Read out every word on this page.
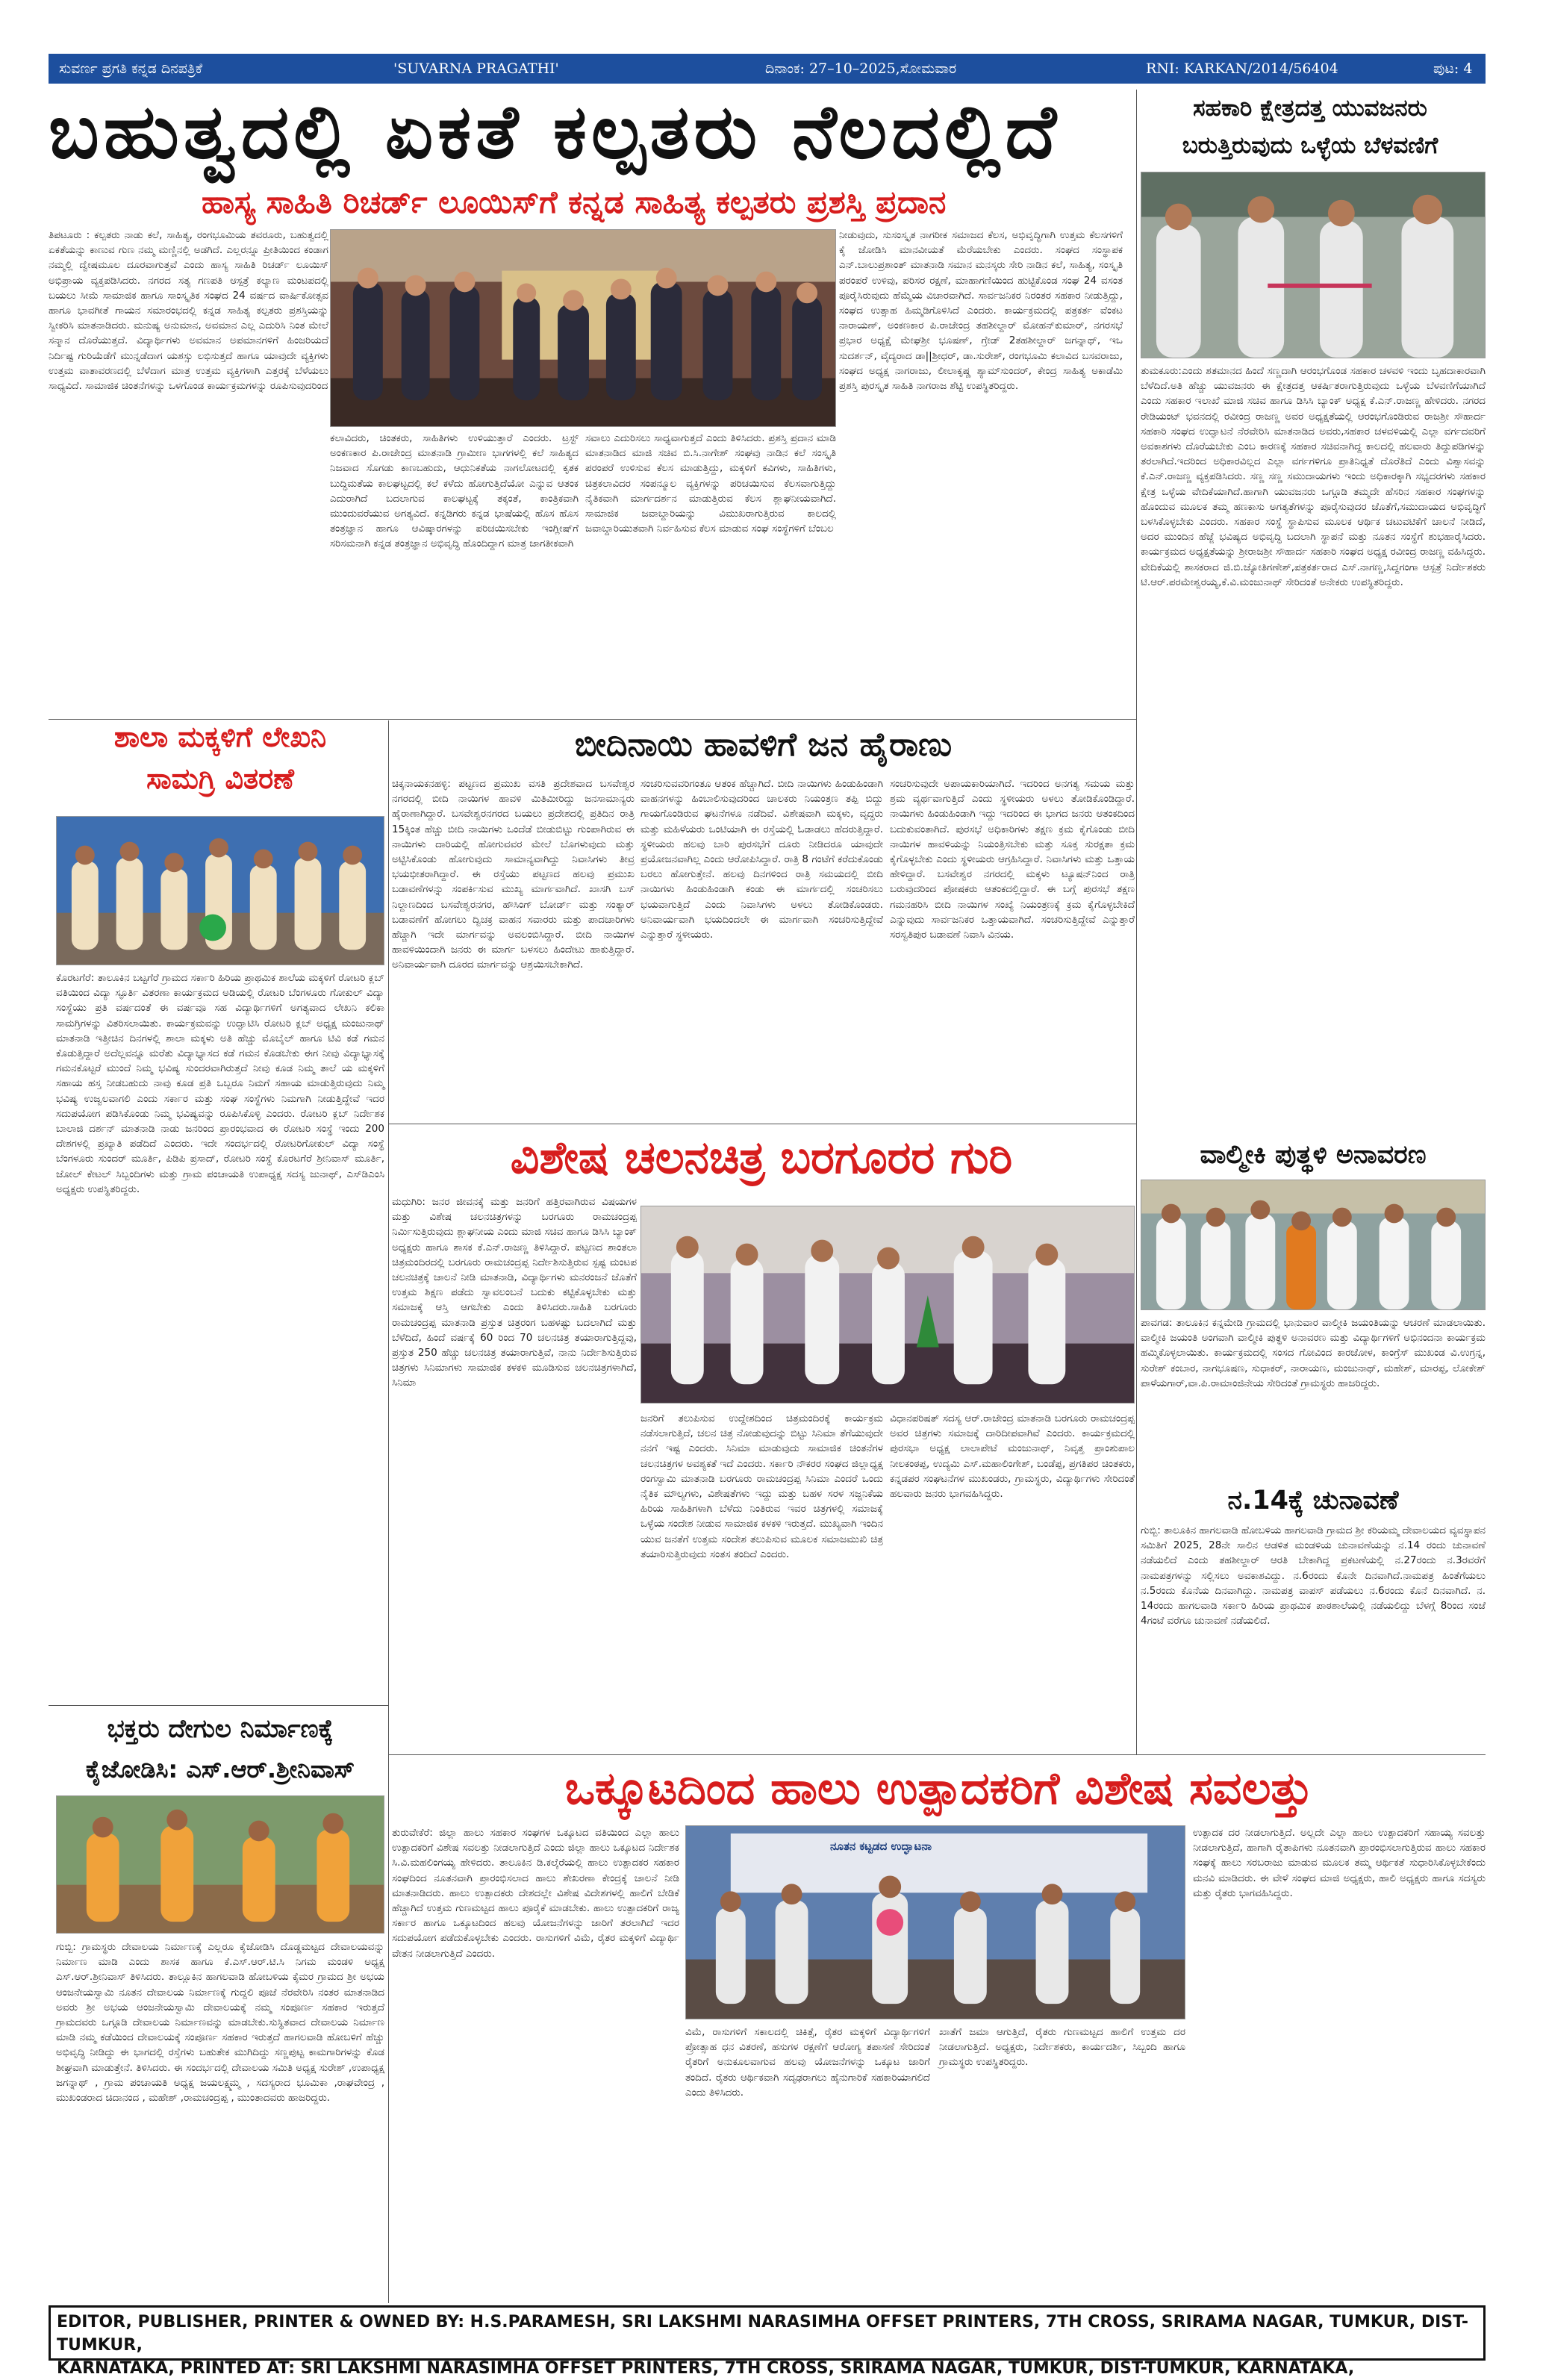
ಸುವರ್ಣ ಪ್ರಗತಿ ಕನ್ನಡ ದಿನಪತ್ರಿಕೆ	'SUVARNA PRAGATHI'	ದಿನಾಂಕ: 27–10–2025,ಸೋಮವಾರ	RNI: KARKAN/2014/56404	ಪುಟ: 4
ಬಹುತ್ವದಲ್ಲಿ ಏಕತೆ ಕಲ್ಪತರು ನೆಲದಲ್ಲಿದೆ
ಹಾಸ್ಯ ಸಾಹಿತಿ ರಿಚರ್ಡ್ ಲೂಯಿಸ್‌ಗೆ ಕನ್ನಡ ಸಾಹಿತ್ಯ ಕಲ್ಪತರು ಪ್ರಶಸ್ತಿ ಪ್ರದಾನ
ತಿಪಟೂರು : ಕಲ್ಪತರು ನಾಡು ಕಲೆ, ಸಾಹಿತ್ಯ, ರಂಗಭೂಮಿಯ ತವರೂರು, ಬಹುತ್ವದಲ್ಲಿ ಏಕತೆಯನ್ನು ಕಾಣುವ ಗುಣ ನಮ್ಮ ಮಣ್ಣಿನಲ್ಲಿ ಅಡಗಿದೆ. ಎಲ್ಲರನ್ನೂ ಪ್ರೀತಿಯಿಂದ ಕಂಡಾಗ ನಮ್ಮಲ್ಲಿ ದ್ವೇಷಮೂಲ ದೂರವಾಗುತ್ತವೆ ಎಂದು ಹಾಸ್ಯ ಸಾಹಿತಿ ರಿಚರ್ಡ್ ಲೂಯಿಸ್ ಅಭಿಪ್ರಾಯ ವ್ಯಕ್ತಪಡಿಸಿದರು. ನಗರದ ಸತ್ಯ ಗಣಪತಿ ಆಸ್ಪತ್ರೆ ಕಲ್ಯಾಣ ಮಂಟಪದಲ್ಲಿ ಬಯಲು ಸೀಮೆ ಸಾಮಾಜಿಕ ಹಾಗೂ ಸಾಂಸ್ಕೃತಿಕ ಸಂಘದ 24 ವರ್ಷದ ವಾರ್ಷಿಕೋತ್ಸವ ಹಾಗೂ ಭಾವಗೀತೆ ಗಾಯನ ಸಮಾರಂಭದಲ್ಲಿ ಕನ್ನಡ ಸಾಹಿತ್ಯ ಕಲ್ಪತರು ಪ್ರಶಸ್ತಿಯನ್ನು ಸ್ವೀಕರಿಸಿ ಮಾತನಾಡಿದರು. ಮನುಷ್ಯ ಅನುಮಾನ, ಅವಮಾನ ಎಲ್ಲ ಎದುರಿಸಿ ನಿಂತ ಮೇಲೆ ಸನ್ಮಾನ ದೊರೆಯುತ್ತದೆ. ವಿದ್ಯಾರ್ಥಿಗಳು ಅವಮಾನ ಅಪಮಾನಗಳಿಗೆ ಹಿಂಜರಿಯದೆ ನಿರ್ದಿಷ್ಟ ಗುರಿಯೆಡೆಗೆ ಮುನ್ನಡೆದಾಗ ಯಶಸ್ಸು ಲಭಿಸುತ್ತದೆ ಹಾಗೂ ಯಾವುದೇ ವ್ಯಕ್ತಿಗಳು ಉತ್ತಮ ವಾತಾವರಣದಲ್ಲಿ ಬೆಳೆದಾಗ ಮಾತ್ರ ಉತ್ತಮ ವ್ಯಕ್ತಿಗಳಾಗಿ ಎತ್ತರಕ್ಕೆ ಬೆಳೆಯಲು ಸಾಧ್ಯವಿದೆ. ಸಾಮಾಜಿಕ ಚಿಂತನೆಗಳನ್ನು ಒಳಗೊಂಡ ಕಾರ್ಯಕ್ರಮಗಳನ್ನು ರೂಪಿಸುವುದರಿಂದ
ಕಲಾವಿದರು, ಚಿಂತಕರು, ಸಾಹಿತಿಗಳು ಉಳಿಯುತ್ತಾರೆ ಎಂದರು. ಟ್ರಸ್ಟ್ ಅಂಕಣಕಾರ ಪಿ.ರಾಜೇಂದ್ರ ಮಾತನಾಡಿ ಗ್ರಾಮೀಣ ಭಾಗಗಳಲ್ಲಿ ಕಲೆ ಸಾಹಿತ್ಯದ ನಿಜವಾದ ಸೊಗಡು ಕಾಣಬಹುದು, ಆಧುನಿಕತೆಯ ನಾಗಲೋಟದಲ್ಲಿ ಕೃತಕ ಬುದ್ಧಿಮತೆಯ ಕಾಲಘಟ್ಟದಲ್ಲಿ ಕಲೆ ಕಳೆದು ಹೋಗುತ್ತಿದೆಯೋ ಎನ್ನುವ ಆತಂಕ ಎದುರಾಗಿದೆ ಬದಲಾಗುವ ಕಾಲಘಟ್ಟಕ್ಕೆ ತಕ್ಕಂತೆ, ಕಾಂತ್ರಿಕವಾಗಿ ಮುಂದುವರೆಯುವ ಅಗತ್ಯವಿದೆ. ಕನ್ನಡಿಗರು ಕನ್ನಡ ಭಾಷೆಯಲ್ಲಿ ಹೊಸ ಹೊಸ ತಂತ್ರಜ್ಞಾನ ಹಾಗೂ ಆವಿಷ್ಕಾರಗಳನ್ನು ಪರಿಚಯಿಸಬೇಕು ಇಂಗ್ಲೀಷ್‌ಗೆ ಸರಿಸಮನಾಗಿ ಕನ್ನಡ ತಂತ್ರಜ್ಞಾನ ಅಭಿವೃದ್ಧಿ ಹೊಂದಿದ್ದಾಗ ಮಾತ್ರ ಜಾಗತೀಕವಾಗಿ
ಸವಾಲು ಎದುರಿಸಲು ಸಾಧ್ಯವಾಗುತ್ತದೆ ಎಂದು ತಿಳಿಸಿದರು. ಪ್ರಶಸ್ತಿ ಪ್ರದಾನ ಮಾಡಿ ಮಾತನಾಡಿದ ಮಾಜಿ ಸಚಿವ ಬಿ.ಸಿ.ನಾಗೇಶ್ ಸಂಘವು ನಾಡಿನ ಕಲೆ ಸಂಸ್ಕೃತಿ ಪರಂಪರೆ ಉಳಿಸುವ ಕೆಲಸ ಮಾಡುತ್ತಿದ್ದು, ಮಕ್ಕಳಿಗೆ ಕವಿಗಳು, ಸಾಹಿತಿಗಳು, ಚಿತ್ರಕಲಾವಿದರ ಸಂಪನ್ಮೂಲ ವ್ಯಕ್ತಿಗಳನ್ನು ಪರಿಚಯಿಸುವ ಕೆಲಸವಾಗುತ್ತಿದ್ದು ನೈತಿಕವಾಗಿ ಮಾರ್ಗದರ್ಶನ ಮಾಡುತ್ತಿರುವ ಕೆಲಸ ಶ್ಲಾಘನೀಯವಾಗಿದೆ. ಸಾಮಾಜಿಕ ಜವಾಬ್ದಾರಿಯನ್ನು ವಿಮುಖರಾಗುತ್ತಿರುವ ಕಾಲದಲ್ಲಿ ಜವಾಬ್ದಾರಿಯುತವಾಗಿ ನಿರ್ವಹಿಸುವ ಕೆಲಸ ಮಾಡುವ ಸಂಘ ಸಂಸ್ಥೆಗಳಿಗೆ ಬೆಂಬಲ
ನೀಡುವುದು, ಸುಸಂಸ್ಕೃತ ನಾಗರೀಕ ಸಮಾಜದ ಕೆಲಸ, ಅಭಿವೃದ್ಧಿಗಾಗಿ ಉತ್ತಮ ಕೆಲಸಗಳಿಗೆ ಕೈ ಜೋಡಿಸಿ ಮಾನವೀಯತೆ ಮೆರೆಯಬೇಕು ಎಂದರು. ಸಂಘದ ಸಂಸ್ಥಾಪಕ ಎನ್.ಬಾಲುಪ್ರಶಾಂತ್ ಮಾತನಾಡಿ ಸಮಾನ ಮನಸ್ಕರು ಸೇರಿ ನಾಡಿನ ಕಲೆ, ಸಾಹಿತ್ಯ, ಸಂಸ್ಕೃತಿ ಪರಂಪರೆ ಉಳಿವು, ಪರಿಸರ ರಕ್ಷಣೆ, ಮಾಹಾಗಣಿಯಿಂದ ಹುಟ್ಟಿಕೊಂಡ ಸಂಘ 24 ವಸಂತ ಪೂರೈಸಿರುವುದು ಹೆಮ್ಮೆಯ ವಿಚಾರವಾಗಿದೆ. ಸಾರ್ವಜನಿಕರ ನಿರಂತರ ಸಹಕಾರ ನೀಡುತ್ತಿದ್ದು, ಸಂಘದ ಉತ್ಸಾಹ ಹಿಮ್ಮಡಿಗೊಳಿಸಿದೆ ಎಂದರು. ಕಾರ್ಯಕ್ರಮದಲ್ಲಿ ಪತ್ರಕರ್ತ ವೆಂಕಟ ನಾರಾಯಣ್, ಅಂಕಣಕಾರ ಪಿ.ರಾಜೇಂದ್ರ ತಹಶೀಲ್ದಾರ್ ಮೋಹನ್‌ಕುಮಾರ್, ನಗರಸಭೆ ಪ್ರಭಾರ ಅಧ್ಯಕ್ಷೆ ಮೇಘಶ್ರೀ ಭೂಷಣ್, ಗ್ರೇಡ್ 2ತಹಶೀಲ್ದಾರ್ ಜಗನ್ನಾಥ್, ಇಒ ಸುದರ್ಶನ್, ವೈದ್ಯರಾದ ಡಾ||ಶ್ರೀಧರ್, ಡಾ.ಸುರೇಶ್, ರಂಗಭೂಮಿ ಕಲಾವಿದ ಬಸವರಾಜು, ಸಂಘದ ಅಧ್ಯಕ್ಷ ನಾಗರಾಜು, ಲೀಲಾಕೃಷ್ಣ ಶ್ಯಾಮ್‌ಸುಂದರ್, ಕೇಂದ್ರ ಸಾಹಿತ್ಯ ಅಕಾಡೆಮಿ ಪ್ರಶಸ್ತಿ ಪುರಸ್ಕೃತ ಸಾಹಿತಿ ನಾಗರಾಜ ಶೆಟ್ಟಿ ಉಪಸ್ಥಿತರಿದ್ದರು.
ಸಹಕಾರಿ ಕ್ಷೇತ್ರದತ್ತ ಯುವಜನರು ಬರುತ್ತಿರುವುದು ಒಳ್ಳೆಯ ಬೆಳವಣಿಗೆ
ತುಮಕೂರು:ಎಂದು ಶತಮಾನದ ಹಿಂದೆ ಸಣ್ಣದಾಗಿ ಆರಂಭಗೊಂಡ ಸಹಕಾರ ಚಳವಳಿ ಇಂದು ಬೃಹದಾಕಾರವಾಗಿ ಬೆಳೆದಿದೆ.ಅತಿ ಹೆಚ್ಚು ಯುವಜನರು ಈ ಕ್ಷೇತ್ರದತ್ತ ಆಕರ್ಷಿತರಾಗುತ್ತಿರುವುದು ಒಳ್ಳೆಯ ಬೆಳವಣಿಗೆಯಾಗಿದೆ ಎಂದು ಸಹಕಾರ ಇಲಾಖೆ ಮಾಜಿ ಸಚಿವ ಹಾಗೂ ಡಿಸಿಸಿ ಬ್ಯಾಂಕ್ ಅಧ್ಯಕ್ಷ ಕೆ.ಎನ್.ರಾಜಣ್ಣ ಹೇಳಿದರು. ನಗರದ ರೇಡಿಯಂಟ್ ಭವನದಲ್ಲಿ ರವೀಂದ್ರ ರಾಜಣ್ಣ ಅವರ ಅಧ್ಯಕ್ಷತೆಯಲ್ಲಿ ಆರಂಭಗೊಂಡಿರುವ ರಾಜಶ್ರೀ ಸೌಹಾರ್ದ ಸಹಕಾರಿ ಸಂಘದ ಉದ್ಘಾಟನೆ ನೆರವೇರಿಸಿ ಮಾತನಾಡಿದ ಅವರು,ಸಹಕಾರ ಚಳವಳಿಯಲ್ಲಿ ಎಲ್ಲಾ ವರ್ಗದವರಿಗೆ ಅವಕಾಶಗಳು ದೊರೆಯಬೇಕು ಎಂಬ ಕಾರಣಕ್ಕೆ ಸಹಕಾರ ಸಚಿವನಾಗಿದ್ದ ಕಾಲದಲ್ಲಿ ಹಲವಾರು ತಿದ್ದುಪಡಿಗಳನ್ನು ತರಲಾಗಿದೆ.ಇದರಿಂದ ಅಧಿಕಾರವಿಲ್ಲದ ಎಲ್ಲಾ ವರ್ಗಗಳಿಗೂ ಪ್ರಾತಿನಿಧ್ಯತೆ ದೊರೆತಿದೆ ಎಂದು ವಿಶ್ವಾಸವನ್ನು ಕೆ.ಎನ್.ರಾಜಣ್ಣ ವ್ಯಕ್ತಪಡಿಸಿದರು. ಸಣ್ಣ ಸಣ್ಣ ಸಮುದಾಯಗಳು ಇಂದು ಅಧಿಕಾರಕ್ಕಾಗಿ ಸಭ್ಯದರಗಳು ಸಹಕಾರ ಕ್ಷೇತ್ರ ಒಳ್ಳೆಯ ವೇದಿಕೆಯಾಗಿದೆ.ಹಾಗಾಗಿ ಯುವಜನರು ಒಗ್ಗೂಡಿ ತಮ್ಮದೇ ಹೆಸರಿನ ಸಹಕಾರ ಸಂಘಗಳನ್ನು ಹೊಂದುವ ಮೂಲಕ ತಮ್ಮ ಹಣಕಾಸು ಅಗತ್ಯತೆಗಳನ್ನು ಪೂರೈಸುವುದರ ಜೊತೆಗೆ,ಸಮುದಾಯದ ಅಭಿವೃದ್ಧಿಗೆ ಬಳಸಿಕೊಳ್ಳಬೇಕು ಎಂದರು. ಸಹಕಾರ ಸಂಸ್ಥೆ ಸ್ಥಾಪಿಸುವ ಮೂಲಕ ಆರ್ಥಿಕ ಚಟುವಟಿಕೆಗೆ ಚಾಲನೆ ನೀಡಿದೆ, ಅದರ ಮುಂದಿನ ಹೆಜ್ಜೆ ಭವಿಷ್ಯದ ಅಭಿವೃದ್ಧಿ ಬದಲಾಗಿ ಸ್ಥಾಪನೆ ಮತ್ತು ನೂತನ ಸಂಸ್ಥೆಗೆ ಶುಭಹಾರೈಸಿದರು. ಕಾರ್ಯಕ್ರಮದ ಅಧ್ಯಕ್ಷತೆಯನ್ನು ಶ್ರೀರಾಜಶ್ರೀ ಸೌಹಾರ್ದ ಸಹಕಾರಿ ಸಂಘದ ಅಧ್ಯಕ್ಷ ರವೀಂದ್ರ ರಾಜಣ್ಣ ವಹಿಸಿದ್ದರು. ವೇದಿಕೆಯಲ್ಲಿ ಶಾಸಕರಾದ ಜಿ.ಬಿ.ಜ್ಯೋತಿಗಣೇಶ್,ಪತ್ರಕರ್ತರಾದ ಎಸ್.ನಾಗಣ್ಣ,ಸಿದ್ದಗಂಗಾ ಆಸ್ಪತ್ರೆ ನಿರ್ದೇಶಕರು ಟಿ.ಆರ್.ಪರಮೇಶ್ವರಯ್ಯ,ಕೆ.ವಿ.ಮಂಜುನಾಥ್ ಸೇರಿದಂತೆ ಅನೇಕರು ಉಪಸ್ಥಿತರಿದ್ದರು.
ಶಾಲಾ ಮಕ್ಕಳಿಗೆ ಲೇಖನಿ
ಸಾಮಗ್ರಿ ವಿತರಣೆ
ಕೊರಟಗೆರೆ: ತಾಲೂಕಿನ ಬಟ್ಟಗೆರೆ ಗ್ರಾಮದ ಸರ್ಕಾರಿ ಹಿರಿಯ ಪ್ರಾಥಮಿಕ ಶಾಲೆಯ ಮಕ್ಕಳಿಗೆ ರೋಟರಿ ಕ್ಲಬ್ ವತಿಯಿಂದ ವಿದ್ಯಾ ಸ್ಫೂರ್ತಿ ವಿತರಣಾ ಕಾರ್ಯಕ್ರಮದ ಅಡಿಯಲ್ಲಿ ರೋಟರಿ ಬೆಂಗಳೂರು ಗೋಕುಲ್ ವಿದ್ಯಾ ಸಂಸ್ಥೆಯು ಪ್ರತಿ ವರ್ಷದಂತೆ ಈ ವರ್ಷವೂ ಸಹ ವಿದ್ಯಾರ್ಥಿಗಳಿಗೆ ಅಗತ್ಯವಾದ ಲೇಖನಿ ಕಲಿಕಾ ಸಾಮಗ್ರಿಗಳನ್ನು ವಿತರಿಸಲಾಯಿತು. ಕಾರ್ಯಕ್ರಮವನ್ನು ಉದ್ಘಾಟಿಸಿ ರೋಟರಿ ಕ್ಲಬ್ ಅಧ್ಯಕ್ಷ ಮಂಜುನಾಥ್ ಮಾತನಾಡಿ ಇತ್ತೀಚಿನ ದಿನಗಳಲ್ಲಿ ಶಾಲಾ ಮಕ್ಕಳು ಅತಿ ಹೆಚ್ಚು ಮೊಬೈಲ್ ಹಾಗೂ ಟಿವಿ ಕಡೆ ಗಮನ ಕೊಡುತ್ತಿದ್ದಾರೆ ಅದೆಲ್ಲವನ್ನೂ ಮರೆತು ವಿದ್ಯಾಭ್ಯಾಸದ ಕಡೆ ಗಮನ ಕೊಡಬೇಕು ಈಗ ನೀವು ವಿದ್ಯಾಭ್ಯಾಸಕ್ಕೆ ಗಮನಕೊಟ್ಟರೆ ಮುಂದೆ ನಿಮ್ಮ ಭವಿಷ್ಯ ಸುಂದರವಾಗಿರುತ್ತದೆ ನೀವು ಕೂಡ ನಿಮ್ಮ ತಾಲೆ ಯ ಮಕ್ಕಳಿಗೆ ಸಹಾಯ ಹಸ್ತ ನೀಡಬಹುದು ನಾವು ಕೂಡ ಪ್ರತಿ ಒಬ್ಬರೂ ನಿಮಗೆ ಸಹಾಯ ಮಾಡುತ್ತಿರುವುದು ನಿಮ್ಮ ಭವಿಷ್ಯ ಉಜ್ವಲವಾಗಲಿ ಎಂದು ಸರ್ಕಾರ ಮತ್ತು ಸಂಘ ಸಂಸ್ಥೆಗಳು ನಿಮಗಾಗಿ ನೀಡುತ್ತಿದ್ದೇವೆ ಇದರ ಸದುಪಯೋಗ ಪಡಿಸಿಕೊಂಡು ನಿಮ್ಮ ಭವಿಷ್ಯವನ್ನು ರೂಪಿಸಿಕೊಳ್ಳಿ ಎಂದರು. ರೋಟರಿ ಕ್ಲಬ್ ನಿರ್ದೇಶಕ ಬಾಲಾಜಿ ದರ್ಶನ್ ಮಾತನಾಡಿ ನಾಡು ಜನರಿಂದ ಪ್ರಾರಂಭವಾದ ಈ ರೋಟರಿ ಸಂಸ್ಥೆ ಇಂದು 200 ದೇಶಗಳಲ್ಲಿ ಪ್ರಖ್ಯಾತಿ ಪಡೆದಿದೆ ಎಂದರು. ಇದೇ ಸಂದರ್ಭದಲ್ಲಿ ರೋಟರಿಗೋಕುಲ್ ವಿದ್ಯಾ ಸಂಸ್ಥೆ ಬೆಂಗಳೂರು ಸುಂದರ್ ಮೂರ್ತಿ, ಪಿಡಿಪಿ ಪ್ರಸಾದ್, ರೋಟರಿ ಸಂಸ್ಥೆ ಕೊರಟಗೆರೆ ಶ್ರೀನಿವಾಸ್ ಮೂರ್ತಿ, ಜೋಲ್ ಕೇಟಲ್ ಸಿಬ್ಬಂದಿಗಳು ಮತ್ತು ಗ್ರಾಮ ಪಂಚಾಯತಿ ಉಪಾಧ್ಯಕ್ಷ ಸದಸ್ಯ ಜುನಾಥ್, ಎಸ್‌ಡಿಎಂಸಿ ಅಧ್ಯಕ್ಷರು ಉಪಸ್ಥಿತರಿದ್ದರು.
ಬೀದಿನಾಯಿ ಹಾವಳಿಗೆ ಜನ ಹೈರಾಣು
ಚಿಕ್ಕನಾಯಕನಹಳ್ಳಿ: ಪಟ್ಟಣದ ಪ್ರಮುಖ ವಸತಿ ಪ್ರದೇಶವಾದ ಬಸವೇಶ್ವರ ನಗರದಲ್ಲಿ ಬೀದಿ ನಾಯಿಗಳ ಹಾವಳಿ ಮಿತಿಮೀರಿದ್ದು ಜನಸಾಮಾನ್ಯರು ಹೈರಾಣಾಗಿದ್ದಾರೆ. ಬಸವೇಶ್ವರನಗರದ ಬಯಲು ಪ್ರದೇಶದಲ್ಲಿ ಪ್ರತಿದಿನ ರಾತ್ರಿ 15ಕ್ಕಿಂತ ಹೆಚ್ಚು ಬೀದಿ ನಾಯಿಗಳು ಒಂದೆಡೆ ಬೀಡುಬಿಟ್ಟು ಗುಂಪಾಗಿರುವ ಈ ನಾಯಿಗಳು ದಾರಿಯಲ್ಲಿ ಹೋಗುವವರ ಮೇಲೆ ಬೊಗಳುವುದು ಮತ್ತು ಅಟ್ಟಿಸಿಕೊಂಡು ಹೋಗುವುದು ಸಾಮಾನ್ಯವಾಗಿದ್ದು ನಿವಾಸಿಗಳು ತೀವ್ರ ಭಯಭೀತರಾಗಿದ್ದಾರೆ. ಈ ರಸ್ತೆಯು ಪಟ್ಟಣದ ಹಲವು ಪ್ರಮುಖ ಬಡಾವಣೆಗಳನ್ನು ಸಂಪರ್ಕಿಸುವ ಮುಖ್ಯ ಮಾರ್ಗವಾಗಿದೆ. ಖಾಸಗಿ ಬಸ್ ನಿಲ್ದಾಣದಿಂದ ಬಸವೇಶ್ವರನಗರ, ಹೌಸಿಂಗ್ ಬೋರ್ಡ್ ಮತ್ತು ಸಂತ್ಯಾರ್ ಬಡಾವಣೆಗೆ ಹೋಗಲು ದ್ವಿಚಕ್ರ ವಾಹನ ಸವಾರರು ಮತ್ತು ಪಾದಚಾರಿಗಳು ಹೆಚ್ಚಾಗಿ ಇದೇ ಮಾರ್ಗವನ್ನು ಅವಲಂಬಿಸಿದ್ದಾರೆ. ಬೀದಿ ನಾಯಿಗಳ ಹಾವಳಿಯಿಂದಾಗಿ ಜನರು ಈ ಮಾರ್ಗ ಬಳಸಲು ಹಿಂದೇಟು ಹಾಕುತ್ತಿದ್ದಾರೆ. ಅನಿವಾರ್ಯವಾಗಿ ದೂರದ ಮಾರ್ಗವನ್ನು ಆಶ್ರಯಿಸಬೇಕಾಗಿದೆ.
ಸಂಚರಿಸುವವರಿಗಂತೂ ಆತಂಕ ಹೆಚ್ಚಾಗಿದೆ. ಬೀದಿ ನಾಯಿಗಳು ಹಿಂಡುಹಿಂಡಾಗಿ ವಾಹನಗಳನ್ನು ಹಿಂಬಾಲಿಸುವುದರಿಂದ ಚಾಲಕರು ನಿಯಂತ್ರಣ ತಪ್ಪಿ ಬಿದ್ದು ಗಾಯಗೊಂಡಿರುವ ಘಟನೆಗಳೂ ನಡೆದಿವೆ. ವಿಶೇಷವಾಗಿ ಮಕ್ಕಳು, ವೃದ್ಧರು ಮತ್ತು ಮಹಿಳೆಯರು ಒಂಟಿಯಾಗಿ ಈ ರಸ್ತೆಯಲ್ಲಿ ಓಡಾಡಲು ಹೆದರುತ್ತಿದ್ದಾರೆ. ಸ್ಥಳೀಯರು ಹಲವು ಬಾರಿ ಪುರಸಭೆಗೆ ದೂರು ನೀಡಿದರೂ ಯಾವುದೇ ಪ್ರಯೋಜನವಾಗಿಲ್ಲ ಎಂದು ಆರೋಪಿಸಿದ್ದಾರೆ. ರಾತ್ರಿ 8 ಗಂಟೆಗೆ ಕರೆದುಕೊಂಡು ಬರಲು ಹೋಗುತ್ತೇನೆ. ಹಲವು ದಿನಗಳಿಂದ ರಾತ್ರಿ ಸಮಯದಲ್ಲಿ ಬೀದಿ ನಾಯಿಗಳು ಹಿಂಡುಹಿಂಡಾಗಿ ಕಂಡು ಈ ಮಾರ್ಗದಲ್ಲಿ ಸಂಚರಿಸಲು ಭಯವಾಗುತ್ತಿದೆ ಎಂದು ನಿವಾಸಿಗಳು ಅಳಲು ತೋಡಿಕೊಂಡರು. ಅನಿವಾರ್ಯವಾಗಿ ಭಯದಿಂದಲೇ ಈ ಮಾರ್ಗವಾಗಿ ಸಂಚರಿಸುತ್ತಿದ್ದೇವೆ ಎನ್ನುತ್ತಾರೆ ಸ್ಥಳೀಯರು.
ಸಂಚರಿಸುವುದೇ ಅಪಾಯಕಾರಿಯಾಗಿದೆ. ಇದರಿಂದ ಅನಗತ್ಯ ಸಮಯ ಮತ್ತು ಶ್ರಮ ವ್ಯರ್ಥವಾಗುತ್ತಿದೆ ಎಂದು ಸ್ಥಳೀಯರು ಅಳಲು ತೋಡಿಕೊಂಡಿದ್ದಾರೆ. ನಾಯಿಗಳು ಹಿಂಡುಹಿಂಡಾಗಿ ಇದ್ದು ಇದರಿಂದ ಈ ಭಾಗದ ಜನರು ಆತಂಕದಿಂದ ಬದುಕುವಂತಾಗಿದೆ. ಪುರಸಭೆ ಅಧಿಕಾರಿಗಳು ತಕ್ಷಣ ಕ್ರಮ ಕೈಗೊಂಡು ಬೀದಿ ನಾಯಿಗಳ ಹಾವಳಿಯನ್ನು ನಿಯಂತ್ರಿಸಬೇಕು ಮತ್ತು ಸೂಕ್ತ ಸುರಕ್ಷತಾ ಕ್ರಮ ಕೈಗೊಳ್ಳಬೇಕು ಎಂದು ಸ್ಥಳೀಯರು ಆಗ್ರಹಿಸಿದ್ದಾರೆ. ನಿವಾಸಿಗಳು ಮತ್ತು ಒತ್ತಾಯ ಹೇಳಿದ್ದಾರೆ. ಬಸವೇಶ್ವರ ನಗರದಲ್ಲಿ ಮಕ್ಕಳು ಟ್ಯೂಷನ್‌ನಿಂದ ರಾತ್ರಿ ಬರುವುದರಿಂದ ಪೋಷಕರು ಆತಂಕದಲ್ಲಿದ್ದಾರೆ. ಈ ಬಗ್ಗೆ ಪುರಸಭೆ ತಕ್ಷಣ ಗಮನಹರಿಸಿ ಬೀದಿ ನಾಯಿಗಳ ಸಂಖ್ಯೆ ನಿಯಂತ್ರಣಕ್ಕೆ ಕ್ರಮ ಕೈಗೊಳ್ಳಬೇಕಿದೆ ಎನ್ನುವುದು ಸಾರ್ವಜನಿಕರ ಒತ್ತಾಯವಾಗಿದೆ. ಸಂಚರಿಸುತ್ತಿದ್ದೇವೆ ಎನ್ನುತ್ತಾರೆ ಸರಸ್ವತಿಪುರ ಬಡಾವಣೆ ನಿವಾಸಿ ವಿನಯ.
ವಿಶೇಷ ಚಲನಚಿತ್ರ ಬರಗೂರರ ಗುರಿ
ಮಧುಗಿರಿ: ಜನರ ಜೀವನಕ್ಕೆ ಮತ್ತು ಜನರಿಗೆ ಹತ್ತಿರವಾಗಿರುವ ವಿಷಯಗಳ ಮತ್ತು ವಿಶೇಷ ಚಲನಚಿತ್ರಗಳನ್ನು ಬರಗೂರು ರಾಮಚಂದ್ರಪ್ಪ ನಿರ್ಮಿಸುತ್ತಿರುವುದು ಶ್ಲಾಘನೀಯ ಎಂದು ಮಾಜಿ ಸಚಿವ ಹಾಗೂ ಡಿಸಿಸಿ ಬ್ಯಾಂಕ್ ಅಧ್ಯಕ್ಷರು ಹಾಗೂ ಶಾಸಕ ಕೆ.ಎನ್.ರಾಜಣ್ಣ ತಿಳಿಸಿದ್ದಾರೆ. ಪಟ್ಟಣದ ಶಾಂತಲಾ ಚಿತ್ರಮಂದಿರದಲ್ಲಿ ಬರಗೂರು ರಾಮಚಂದ್ರಪ್ಪ ನಿರ್ದೇಶಿಸುತ್ತಿರುವ ಸ್ಪಷ್ಟ ಮಂಟಪ ಚಲನಚಿತ್ರಕ್ಕೆ ಚಾಲನೆ ನೀಡಿ ಮಾತನಾಡಿ, ವಿದ್ಯಾರ್ಥಿಗಳು ಮನರಂಜನೆ ಜೊತೆಗೆ ಉತ್ತಮ ಶಿಕ್ಷಣ ಪಡೆದು ಸ್ವಾವಲಂಬನೆ ಬದುಕು ಕಟ್ಟಿಕೊಳ್ಳಬೇಕು ಮತ್ತು ಸಮಾಜಕ್ಕೆ ಆಸ್ತಿ ಆಗಬೇಕು ಎಂದು ತಿಳಿಸಿದರು.ಸಾಹಿತಿ ಬರಗೂರು ರಾಮಚಂದ್ರಪ್ಪ ಮಾತನಾಡಿ ಪ್ರಸ್ತುತ ಚಿತ್ರರಂಗ ಬಹಳಷ್ಟು ಬದಲಾಗಿದೆ ಮತ್ತು ಬೆಳೆದಿದೆ, ಹಿಂದೆ ವರ್ಷಕ್ಕೆ 60 ರಿಂದ 70 ಚಲನಚಿತ್ರ ತಯಾರಾಗುತ್ತಿದ್ದವು, ಪ್ರಸ್ತುತ 250 ಹೆಚ್ಚು ಚಲನಚಿತ್ರ ತಯಾರಾಗುತ್ತಿವೆ, ನಾನು ನಿರ್ದೇಶಿಸುತ್ತಿರುವ ಚಿತ್ರಗಳು ಸಿನಿಮಾಗಳು ಸಾಮಾಜಿಕ ಕಳಕಳಿ ಮೂಡಿಸುವ ಚಲನಚಿತ್ರಗಳಾಗಿದೆ, ಸಿನಿಮಾ
ಜನರಿಗೆ ತಲುಪಿಸುವ ಉದ್ದೇಶದಿಂದ ಚಿತ್ರಮಂದಿರಕ್ಕೆ ಕಾರ್ಯಕ್ರಮ ನಡೆಸಲಾಗುತ್ತಿದೆ, ಚಲನ ಚಿತ್ರ ನೋಡುವುದನ್ನು ಬಿಟ್ಟು ಸಿನಿಮಾ ತೆಗೆಯುವುದೇ ನನಗೆ ಇಷ್ಟ ಎಂದರು. ಸಿನಿಮಾ ಮಾಡುವುದು ಸಾಮಾಜಿಕ ಚಿಂತನೆಗಳ ಚಲನಚಿತ್ರಗಳ ಅವಶ್ಯಕತೆ ಇದೆ ಎಂದರು. ಸರ್ಕಾರಿ ನೌಕರರ ಸಂಘದ ಜಿಲ್ಲಾಧ್ಯಕ್ಷ ರಂಗಸ್ವಾಮಿ ಮಾತನಾಡಿ ಬರಗೂರು ರಾಮಚಂದ್ರಪ್ಪ ಸಿನಿಮಾ ಎಂದರೆ ಒಂದು ನೈತಿಕ ಮೌಲ್ಯಗಳು, ವಿಶೇಷತೆಗಳು ಇದ್ದು ಮತ್ತು ಬಹಳ ಸರಳ ಸಜ್ಜನಿಕೆಯ ಹಿರಿಯ ಸಾಹಿತಿಗಳಾಗಿ ಬೆಳೆದು ನಿಂತಿರುವ ಇವರ ಚಿತ್ರಗಳಲ್ಲಿ ಸಮಾಜಕ್ಕೆ ಒಳ್ಳೆಯ ಸಂದೇಶ ನೀಡುವ ಸಾಮಾಜಿಕ ಕಳಕಳಿ ಇರುತ್ತದೆ. ಮುಖ್ಯವಾಗಿ ಇಂದಿನ ಯುವ ಜನತೆಗೆ ಉತ್ತಮ ಸಂದೇಶ ತಲುಪಿಸುವ ಮೂಲಕ ಸಮಾಜಮುಖಿ ಚಿತ್ರ ತಯಾರಿಸುತ್ತಿರುವುದು ಸಂತಸ ತಂದಿದೆ ಎಂದರು.
ವಿಧಾನಪರಿಷತ್ ಸದಸ್ಯ ಆರ್.ರಾಜೇಂದ್ರ ಮಾತನಾಡಿ ಬರಗೂರು ರಾಮಚಂದ್ರಪ್ಪ ಅವರ ಚಿತ್ರಗಳು ಸಮಾಜಕ್ಕೆ ದಾರಿದೀಪವಾಗಿವೆ ಎಂದರು. ಕಾರ್ಯಕ್ರಮದಲ್ಲಿ ಪುರಸಭಾ ಅಧ್ಯಕ್ಷ ಲಾಲಾಪೇಟೆ ಮಂಜುನಾಥ್, ನಿವೃತ್ತ ಪ್ರಾಂಶುಪಾಲ ನೀಲಕಂಠಪ್ಪ, ಉದ್ಯಮಿ ಎಸ್.ಮಹಾಲಿಂಗೇಶ್, ಬಂಡೆಪ್ಪ, ಪ್ರಗತಿಪರ ಚಿಂತಕರು, ಕನ್ನಡಪರ ಸಂಘಟನೆಗಳ ಮುಖಂಡರು, ಗ್ರಾಮಸ್ಥರು, ವಿದ್ಯಾರ್ಥಿಗಳು ಸೇರಿದಂತೆ ಹಲವಾರು ಜನರು ಭಾಗವಹಿಸಿದ್ದರು.
ವಾಲ್ಮೀಕಿ ಪುತ್ಥಳಿ ಅನಾವರಣ
ಪಾವಗಡ: ತಾಲೂಕಿನ ಕನ್ನಮೇಡಿ ಗ್ರಾಮದಲ್ಲಿ ಭಾನುವಾರ ವಾಲ್ಮೀಕಿ ಜಯಂತಿಯನ್ನು ಆಚರಣೆ ಮಾಡಲಾಯಿತು. ವಾಲ್ಮೀಕಿ ಜಯಂತಿ ಅಂಗವಾಗಿ ವಾಲ್ಮೀಕಿ ಪುತ್ಥಳಿ ಅನಾವರಣ ಮತ್ತು ವಿದ್ಯಾರ್ಥಿಗಳಿಗೆ ಅಭಿನಂದನಾ ಕಾರ್ಯಕ್ರಮ ಹಮ್ಮಿಕೊಳ್ಳಲಾಯಿತು. ಕಾರ್ಯಕ್ರಮದಲ್ಲಿ ಸಂಸದ ಗೋವಿಂದ ಕಾರಜೋಳ, ಕಾಂಗ್ರೆಸ್ ಮುಖಂಡ ವಿ.ಉಗ್ರನ್ನ, ಸುರೇಶ್ ಕಂಬಾರ, ನಾಗಭೂಷಣ, ಸುಧಾಕರ್, ನಾರಾಯಣ, ಮಂಜುನಾಥ್, ಮಹೇಶ್, ಮಾರಪ್ಪ, ಲೋಕೇಶ್ ಪಾಳೆಯಗಾರ್,ವಾ.ಪಿ.ರಾಮಾಂಜಿನೇಯ ಸೇರಿದಂತೆ ಗ್ರಾಮಸ್ಥರು ಹಾಜರಿದ್ದರು.
ನ.14ಕ್ಕೆ ಚುನಾವಣೆ
ಗುಬ್ಬಿ: ತಾಲೂಕಿನ ಹಾಗಲವಾಡಿ ಹೋಬಳಿಯ ಹಾಗಲವಾಡಿ ಗ್ರಾಮದ ಶ್ರೀ ಕರಿಯಮ್ಮ ದೇವಾಲಯದ ವ್ಯವಸ್ಥಾಪನ ಸಮಿತಿಗೆ 2025, 28ನೇ ಸಾಲಿನ ಆಡಳಿತ ಮಂಡಳಿಯ ಚುನಾವಣೆಯನ್ನು ನ.14 ರಂದು ಚುನಾವಣೆ ನಡೆಯಲಿದೆ ಎಂದು ತಹಶೀಲ್ದಾರ್ ಆರತಿ ಬೇಕಾಗಿದ್ದ ಪ್ರಕಟಣೆಯಲ್ಲಿ ನ.27ರಂದು ನ.3ರವರೆಗೆ ನಾಮಪತ್ರಗಳನ್ನು ಸಲ್ಲಿಸಲು ಅವಕಾಶವಿದ್ದು. ನ.6ರಂದು ಕೊನೇ ದಿನವಾಗಿದೆ.ನಾಮಪತ್ರ ಹಿಂತೆಗೆಯಲು ನ.5ರಂದು ಕೊನೆಯ ದಿನವಾಗಿದ್ದು. ನಾಮಪತ್ರ ವಾಪಸ್ ಪಡೆಯಲು ನ.6ರಂದು ಕೊನೆ ದಿನವಾಗಿದೆ. ನ. 14ರಂದು ಹಾಗಲವಾಡಿ ಸರ್ಕಾರಿ ಹಿರಿಯ ಪ್ರಾಥಮಿಕ ಪಾಠಶಾಲೆಯಲ್ಲಿ ನಡೆಯಲಿದ್ದು ಬೆಳಗ್ಗೆ 8ರಿಂದ ಸಂಜೆ 4ಗಂಟೆ ವರೆಗೂ ಚುನಾವಣೆ ನಡೆಯಲಿದೆ.
ಭಕ್ತರು ದೇಗುಲ ನಿರ್ಮಾಣಕ್ಕೆ
ಕೈಜೋಡಿಸಿ: ಎಸ್.ಆರ್.ಶ್ರೀನಿವಾಸ್
ಗುಬ್ಬಿ: ಗ್ರಾಮಸ್ಥರು ದೇವಾಲಯ ನಿರ್ಮಾಣಕ್ಕೆ ಎಲ್ಲರೂ ಕೈಜೋಡಿಸಿ ದೊಡ್ಡಮಟ್ಟದ ದೇವಾಲಯವನ್ನು ನಿರ್ಮಾಣ ಮಾಡಿ ಎಂದು ಶಾಸಕ ಹಾಗೂ ಕೆ.ಎಸ್.ಆರ್.ಟಿ.ಸಿ ನಿಗಮ ಮಂಡಳಿ ಅಧ್ಯಕ್ಷ ಎಸ್.ಆರ್.ಶ್ರೀನಿವಾಸ್ ತಿಳಿಸಿದರು. ತಾಲ್ಲೂಕಿನ ಹಾಗಲವಾಡಿ ಹೋಬಳಿಯ ಕೈಮರ ಗ್ರಾಮದ ಶ್ರೀ ಅಭಯ ಆಂಜನೇಯಸ್ವಾಮಿ ನೂತನ ದೇವಾಲಯ ನಿರ್ಮಾಣಕ್ಕೆ ಗುದ್ದಲಿ ಪೂಜೆ ನೆರವೇರಿಸಿ ನಂತರ ಮಾತನಾಡಿದ ಅವರು ಶ್ರೀ ಅಭಯ ಆಂಜನೇಯಸ್ವಾಮಿ ದೇವಾಲಯಕ್ಕೆ ನಮ್ಮ ಸಂಪೂರ್ಣ ಸಹಕಾರ ಇರುತ್ತದೆ ಗ್ರಾಮದವರು ಒಗ್ಗೂಡಿ ದೇವಾಲಯ ನಿರ್ಮಾಣವನ್ನು ಮಾಡಬೇಕು.ಸುಸ್ಥಿತವಾದ ದೇವಾಲಯ ನಿರ್ಮಾಣ ಮಾಡಿ ನಮ್ಮ ಕಡೆಯಿಂದ ದೇವಾಲಯಕ್ಕೆ ಸಂಪೂರ್ಣ ಸಹಕಾರ ಇರುತ್ತದೆ ಹಾಗಲವಾಡಿ ಹೋಬಳಿಗೆ ಹೆಚ್ಚು ಅಭಿವೃದ್ಧಿ ನೀಡಿದ್ದು ಈ ಭಾಗದಲ್ಲಿ ರಸ್ತೆಗಳು ಬಹುತೇಕ ಮುಗಿದಿದ್ದು ಸಣ್ಣಪುಟ್ಟ ಕಾಮಗಾರಿಗಳನ್ನು ಕೊಡ ಶೀಘ್ರವಾಗಿ ಮಾಡುತ್ತೇನೆ. ತಿಳಿಸಿದರು. ಈ ಸಂದರ್ಭದಲ್ಲಿ ದೇವಾಲಯ ಸಮಿತಿ ಅಧ್ಯಕ್ಷ ಸುರೇಶ್ ,ಉಪಾಧ್ಯಕ್ಷ ಜಗನ್ನಾಥ್ , ಗ್ರಾಮ ಪಂಚಾಯತಿ ಅಧ್ಯಕ್ಷ ಜಯಲಕ್ಷ್ಮಮ್ಮ , ಸದಸ್ಯರಾದ ಭೂಮಿಕಾ ,ರಾಘವೇಂದ್ರ , ಮುಖಂಡರಾದ ಚಿದಾನಂದ , ಮಹೇಶ್ ,ರಾಮಚಂದ್ರಪ್ಪ , ಮುಂತಾದವರು ಹಾಜರಿದ್ದರು.
ಒಕ್ಕೂಟದಿಂದ ಹಾಲು ಉತ್ಪಾದಕರಿಗೆ ವಿಶೇಷ ಸವಲತ್ತು
ತುರುವೇಕೆರೆ: ಜಿಲ್ಲಾ ಹಾಲು ಸಹಕಾರ ಸಂಘಗಳ ಒಕ್ಕೂಟದ ವತಿಯಿಂದ ಎಲ್ಲಾ ಹಾಲು ಉತ್ಪಾದಕರಿಗೆ ವಿಶೇಷ ಸವಲತ್ತು ನೀಡಲಾಗುತ್ತಿದೆ ಎಂದು ಜಿಲ್ಲಾ ಹಾಲು ಒಕ್ಕೂಟದ ನಿರ್ದೇಶಕ ಸಿ.ವಿ.ಮಹಲಿಂಗಯ್ಯ ಹೇಳಿದರು. ತಾಲೂಕಿನ ಡಿ.ಕಲ್ಕೆರೆಯಲ್ಲಿ ಹಾಲು ಉತ್ಪಾದಕರ ಸಹಕಾರ ಸಂಘದಿಂದ ನೂತನವಾಗಿ ಪ್ರಾರಂಭಿಸಲಾದ ಹಾಲು ಶೇಖರಣಾ ಕೇಂದ್ರಕ್ಕೆ ಚಾಲನೆ ನೀಡಿ ಮಾತನಾಡಿದರು. ಹಾಲು ಉತ್ಪಾದಕರು ದೇಶದಲ್ಲೇ ವಿಶೇಷ ವಿದೇಶಗಳಲ್ಲಿ ಹಾಲಿಗೆ ಬೇಡಿಕೆ ಹೆಚ್ಚಾಗಿದೆ ಉತ್ತಮ ಗುಣಮಟ್ಟದ ಹಾಲು ಪೂರೈಕೆ ಮಾಡಬೇಕು. ಹಾಲು ಉತ್ಪಾದಕರಿಗೆ ರಾಜ್ಯ ಸರ್ಕಾರ ಹಾಗೂ ಒಕ್ಕೂಟದಿಂದ ಹಲವು ಯೋಜನೆಗಳನ್ನು ಜಾರಿಗೆ ತರಲಾಗಿದೆ ಇದರ ಸದುಪಯೋಗ ಪಡೆದುಕೊಳ್ಳಬೇಕು ಎಂದರು. ರಾಸುಗಳಿಗೆ ವಿಮೆ, ರೈತರ ಮಕ್ಕಳಿಗೆ ವಿದ್ಯಾರ್ಥಿ ವೇತನ ನೀಡಲಾಗುತ್ತಿದೆ ಎಂದರು.
ನೂತನ ಕಟ್ಟಡದ ಉದ್ಘಾಟನಾ
ವಿಮೆ, ರಾಸುಗಳಿಗೆ ಸಕಾಲದಲ್ಲಿ ಚಿಕಿತ್ಸೆ, ರೈತರ ಮಕ್ಕಳಿಗೆ ವಿದ್ಯಾರ್ಥಿಗಳಿಗೆ ಪ್ರೋತ್ಸಾಹ ಧನ ವಿತರಣೆ, ಹಸುಗಳ ರಕ್ಷಣೆಗೆ ಆರೋಗ್ಯ ತಪಾಸಣೆ ಸೇರಿದಂತೆ ರೈತರಿಗೆ ಅನುಕೂಲವಾಗುವ ಹಲವು ಯೋಜನೆಗಳನ್ನು ಒಕ್ಕೂಟ ಜಾರಿಗೆ ತಂದಿದೆ. ರೈತರು ಆರ್ಥಿಕವಾಗಿ ಸದೃಢರಾಗಲು ಹೈನುಗಾರಿಕೆ ಸಹಕಾರಿಯಾಗಲಿದೆ ಎಂದು ತಿಳಿಸಿದರು.
ಖಾತೆಗೆ ಜಮಾ ಆಗುತ್ತಿದೆ, ರೈತರು ಗುಣಮಟ್ಟದ ಹಾಲಿಗೆ ಉತ್ತಮ ದರ ನೀಡಲಾಗುತ್ತಿದೆ. ಅಧ್ಯಕ್ಷರು, ನಿರ್ದೇಶಕರು, ಕಾರ್ಯದರ್ಶಿ, ಸಿಬ್ಬಂದಿ ಹಾಗೂ ಗ್ರಾಮಸ್ಥರು ಉಪಸ್ಥಿತರಿದ್ದರು.
ಉತ್ಪಾದಕ ದರ ನೀಡಲಾಗುತ್ತಿದೆ. ಅಲ್ಲದೇ ಎಲ್ಲಾ ಹಾಲು ಉತ್ಪಾದಕರಿಗೆ ಸಹಾಯ್ಯ ಸವಲತ್ತು ನೀಡಲಾಗುತ್ತಿದೆ, ಹಾಗಾಗಿ ರೈತಾಪಿಗಳು ನೂತನವಾಗಿ ಪ್ರಾರಂಭಿಸಲಾಗುತ್ತಿರುವ ಹಾಲು ಸಹಕಾರ ಸಂಘಕ್ಕೆ ಹಾಲು ಸರಬರಾಜು ಮಾಡುವ ಮೂಲಕ ತಮ್ಮ ಆರ್ಥಿಕತೆ ಸುಧಾರಿಸಿಕೊಳ್ಳಬೇಕೆಂದು ಮನವಿ ಮಾಡಿದರು. ಈ ವೇಳೆ ಸಂಘದ ಮಾಜಿ ಅಧ್ಯಕ್ಷರು, ಹಾಲಿ ಅಧ್ಯಕ್ಷರು ಹಾಗೂ ಸದಸ್ಯರು ಮತ್ತು ರೈತರು ಭಾಗವಹಿಸಿದ್ದರು.
EDITOR, PUBLISHER, PRINTER & OWNED BY: H.S.PARAMESH, SRI LAKSHMI NARASIMHA OFFSET PRINTERS, 7TH CROSS, SRIRAMA NAGAR, TUMKUR, DIST-TUMKUR,
KARNATAKA, PRINTED AT: SRI LAKSHMI NARASIMHA OFFSET PRINTERS, 7TH CROSS, SRIRAMA NAGAR, TUMKUR, DIST-TUMKUR, KARNATAKA,
